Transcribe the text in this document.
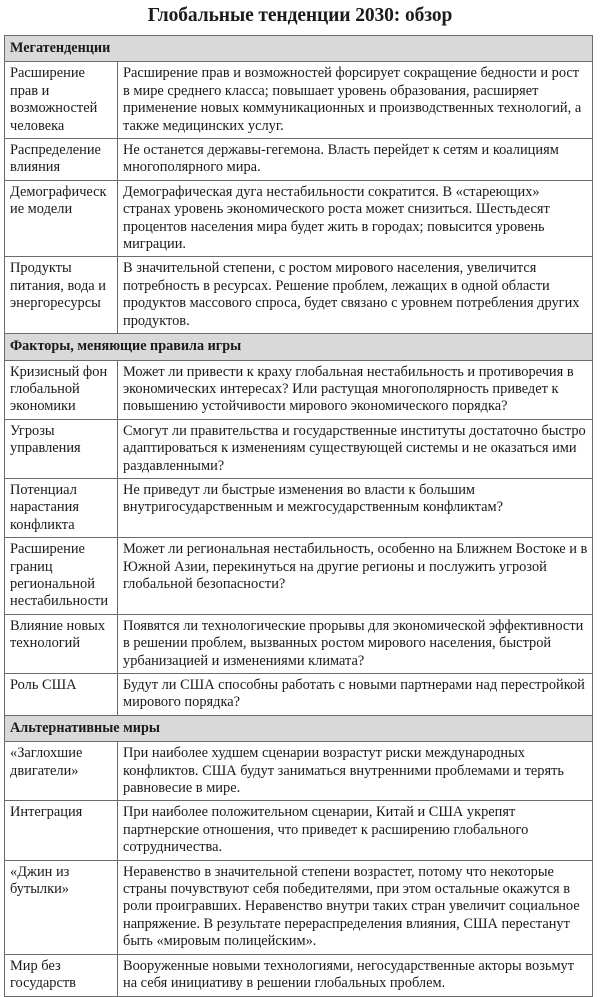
Глобальные тенденции 2030: обзор
Мегатенденции	
Расширение прав и возможностей человека	Расширение прав и возможностей форсирует сокращение бедности и рост в мире среднего класса; повышает уровень образования, расширяет применение новых коммуникационных и производственных технологий, а также медицинских услуг.
Распределение влияния	Не останется державы-гегемона. Власть перейдет к сетям и коалициям многополярного мира.
Демографическ ие модели	Демографическая дуга нестабильности сократится. В «стареющих» странах уровень экономического роста может снизиться. Шестьдесят процентов населения мира будет жить в городах; повысится уровень миграции.
Продукты питания, вода и энергоресурсы	В значительной степени, с ростом мирового населения, увеличится потребность в ресурсах. Решение проблем, лежащих в одной области продуктов массового спроса, будет связано с уровнем потребления других продуктов.
Факторы, меняющие правила игры	
Кризисный фон глобальной экономики	Может ли привести к краху глобальная нестабильность и противоречия в экономических интересах? Или растущая многополярность приведет к повышению устойчивости мирового экономического порядка?
Угрозы управления	Смогут ли правительства и государственные институты достаточно быстро адаптироваться к изменениям существующей системы и не оказаться ими раздавленными?
Потенциал нарастания конфликта	Не приведут ли быстрые изменения во власти к большим внутригосударственным и межгосударственным конфликтам?
Расширение границ региональной нестабильности	Может ли региональная нестабильность, особенно на Ближнем Востоке и в Южной Азии, перекинуться на другие регионы и послужить угрозой глобальной безопасности?
Влияние новых технологий	Появятся ли технологические прорывы для экономической эффективности в решении проблем, вызванных ростом мирового населения, быстрой урбанизацией и изменениями климата?
Роль США	Будут ли США способны работать с новыми партнерами над перестройкой мирового порядка?
Альтернативные миры	
«Заглохшие двигатели»	При наиболее худшем сценарии возрастут риски международных конфликтов. США будут заниматься внутренними проблемами и терять равновесие в мире.
Интеграция	При наиболее положительном сценарии, Китай и США укрепят партнерские отношения, что приведет к расширению глобального сотрудничества.
«Джин из бутылки»	Неравенство в значительной степени возрастет, потому что некоторые страны почувствуют себя победителями, при этом остальные окажутся в роли проигравших. Неравенство внутри таких стран увеличит социальное напряжение. В результате перераспределения влияния, США перестанут быть «мировым полицейским».
Мир без государств	Вооруженные новыми технологиями, негосударственные акторы возьмут на себя инициативу в решении глобальных проблем.
